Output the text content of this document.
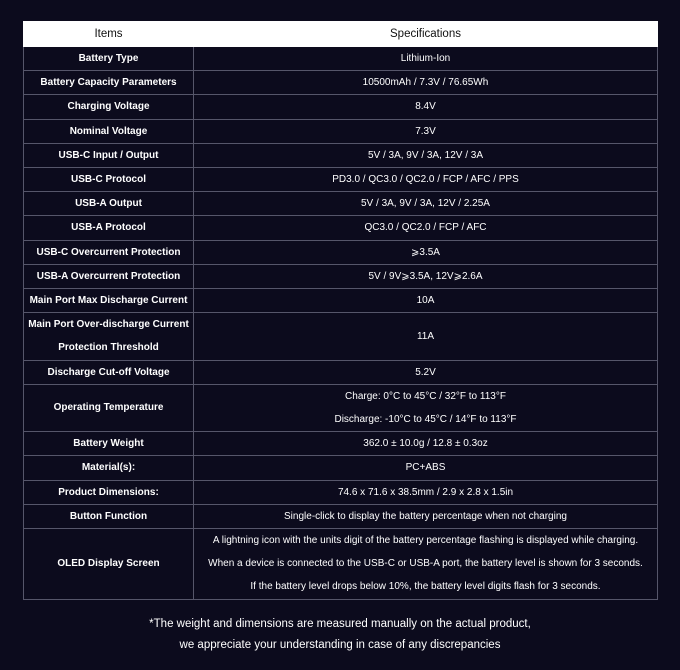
Items	Specifications

Battery Type	Lithium-Ion

Battery Capacity Parameters	10500mAh / 7.3V / 76.65Wh

Charging Voltage	8.4V

Nominal Voltage	7.3V

USB-C Input / Output	5V / 3A, 9V / 3A, 12V / 3A

USB-C Protocol	PD3.0 / QC3.0 / QC2.0 / FCP / AFC / PPS

USB-A Output	5V / 3A, 9V / 3A, 12V / 2.25A

USB-A Protocol	QC3.0 / QC2.0 / FCP / AFC

USB-C Overcurrent Protection	⩾3.5A

USB-A Overcurrent Protection	5V / 9V⩾3.5A, 12V⩾2.6A

Main Port Max Discharge Current	10A

Main Port Over-discharge Current
Protection Threshold	11A

Discharge Cut-off Voltage	5.2V

Operating Temperature	Charge: 0°C to 45°C / 32°F to 113°F
Discharge: -10°C to 45°C / 14°F to 113°F

Battery Weight	362.0 ± 10.0g / 12.8 ± 0.3oz

Material(s):	PC+ABS

Product Dimensions:	74.6 x 71.6 x 38.5mm / 2.9 x 2.8 x 1.5in

Button Function	Single-click to display the battery percentage when not charging

OLED Display Screen	A lightning icon with the units digit of the battery percentage flashing is displayed while charging.
When a device is connected to the USB-C or USB-A port, the battery level is shown for 3 seconds.
If the battery level drops below 10%, the battery level digits flash for 3 seconds.
*The weight and dimensions are measured manually on the actual product,
we appreciate your understanding in case of any discrepancies
